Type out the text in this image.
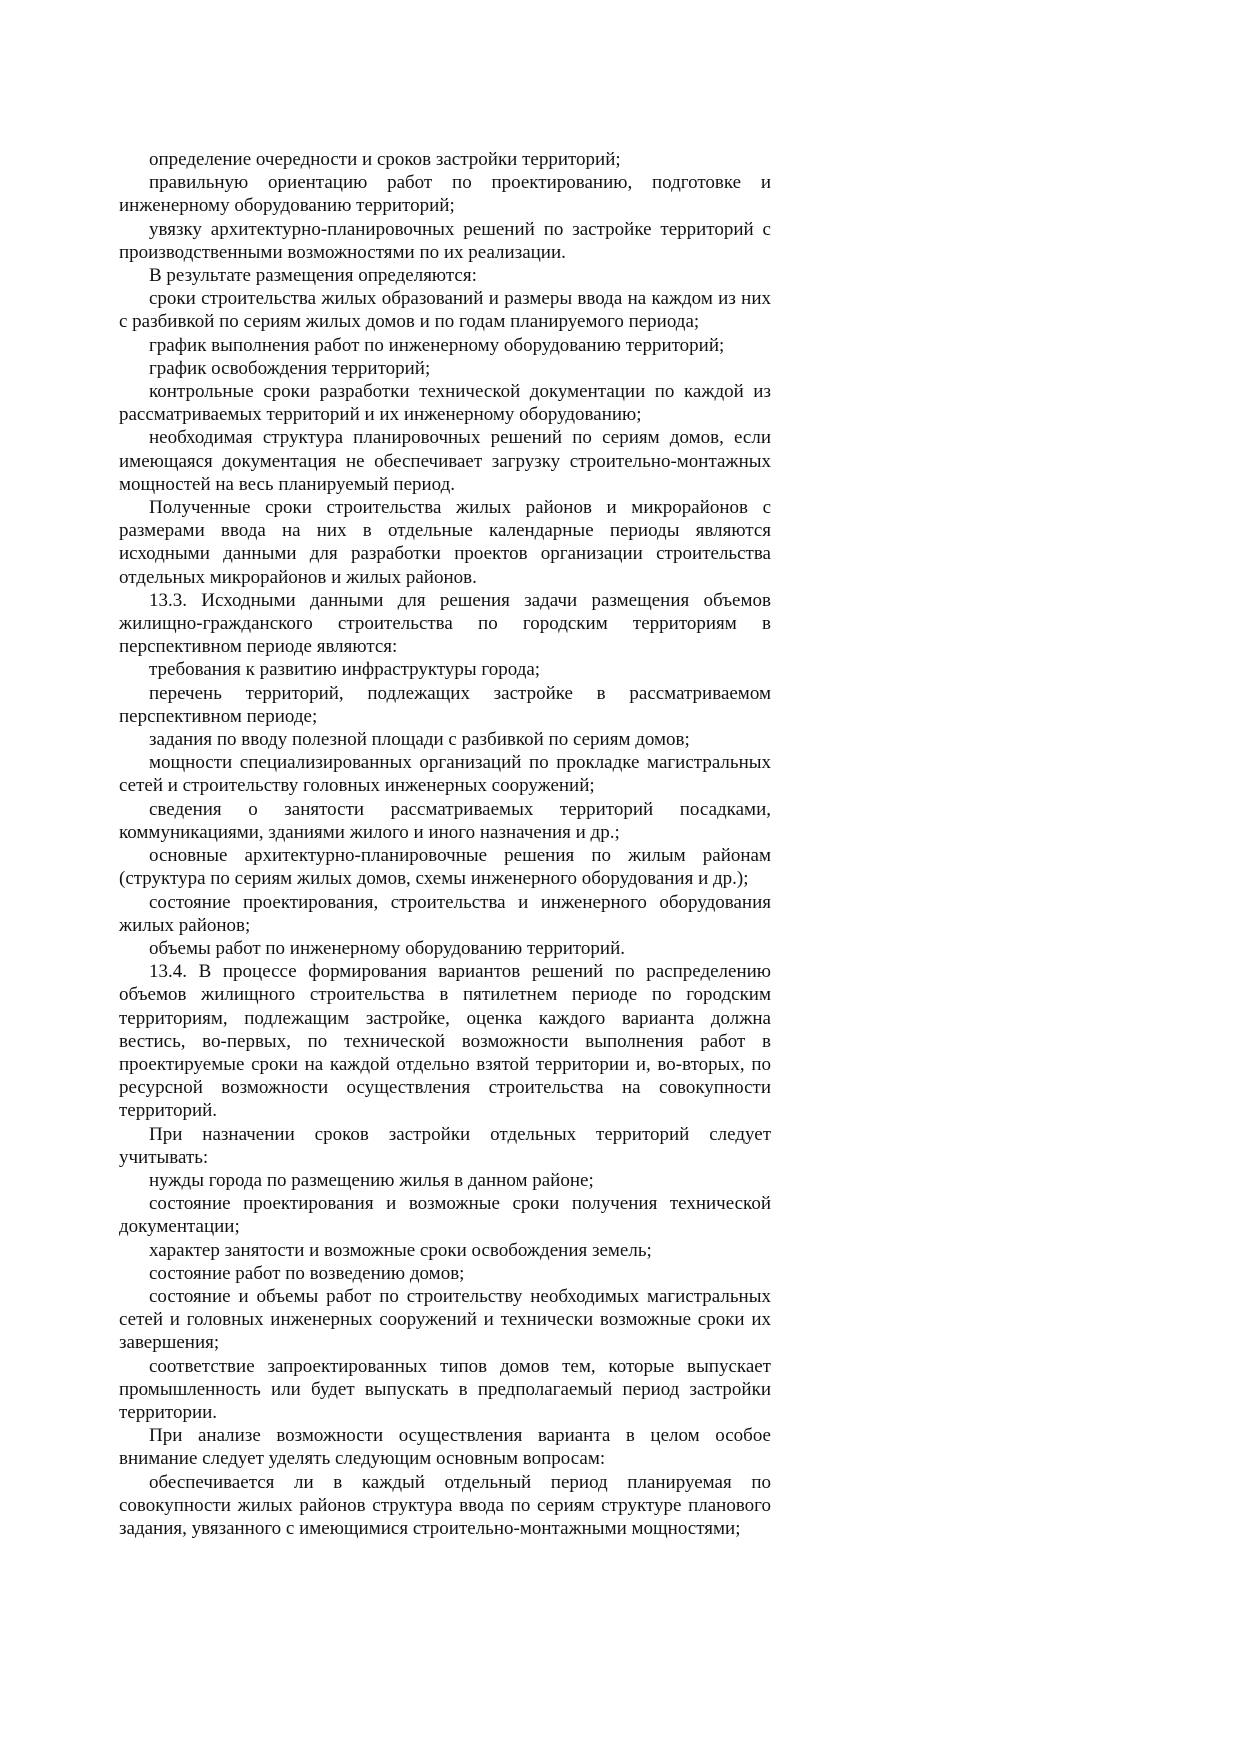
определение очередности и сроков застройки территорий;

правильную ориентацию работ по проектированию, подготовке и инженерному оборудованию территорий;

увязку архитектурно-планировочных решений по застройке территорий с производственными возможностями по их реализации.

В результате размещения определяются:

сроки строительства жилых образований и размеры ввода на каждом из них с разбивкой по сериям жилых домов и по годам планируемого периода;

график выполнения работ по инженерному оборудованию территорий;

график освобождения территорий;

контрольные сроки разработки технической документации по каждой из рассматриваемых территорий и их инженерному оборудованию;

необходимая структура планировочных решений по сериям домов, если имеющаяся документация не обеспечивает загрузку строительно-монтажных мощностей на весь планируемый период.

Полученные сроки строительства жилых районов и микрорайонов с размерами ввода на них в отдельные календарные периоды являются исходными данными для разработки проектов организации строительства отдельных микрорайонов и жилых районов.

13.3. Исходными данными для решения задачи размещения объемов жилищно-гражданского строительства по городским территориям в перспективном периоде являются:

требования к развитию инфраструктуры города;

перечень территорий, подлежащих застройке в рассматриваемом перспективном периоде;

задания по вводу полезной площади с разбивкой по сериям домов;

мощности специализированных организаций по прокладке магистральных сетей и строительству головных инженерных сооружений;

сведения о занятости рассматриваемых территорий посадками, коммуникациями, зданиями жилого и иного назначения и др.;

основные архитектурно-планировочные решения по жилым районам (структура по сериям жилых домов, схемы инженерного оборудования и др.);

состояние проектирования, строительства и инженерного оборудования жилых районов;

объемы работ по инженерному оборудованию территорий.

13.4. В процессе формирования вариантов решений по распределению объемов жилищного строительства в пятилетнем периоде по городским территориям, подлежащим застройке, оценка каждого варианта должна вестись, во-первых, по технической возможности выполнения работ в проектируемые сроки на каждой отдельно взятой территории и, во-вторых, по ресурсной возможности осуществления строительства на совокупности территорий.

При назначении сроков застройки отдельных территорий следует учитывать:

нужды города по размещению жилья в данном районе;

состояние проектирования и возможные сроки получения технической документации;

характер занятости и возможные сроки освобождения земель;

состояние работ по возведению домов;

состояние и объемы работ по строительству необходимых магистральных сетей и головных инженерных сооружений и технически возможные сроки их завершения;

соответствие запроектированных типов домов тем, которые выпускает промышленность или будет выпускать в предполагаемый период застройки территории.

При анализе возможности осуществления варианта в целом особое внимание следует уделять следующим основным вопросам:

обеспечивается ли в каждый отдельный период планируемая по совокупности жилых районов структура ввода по сериям структуре планового задания, увязанного с имеющимися строительно-монтажными мощностями;
